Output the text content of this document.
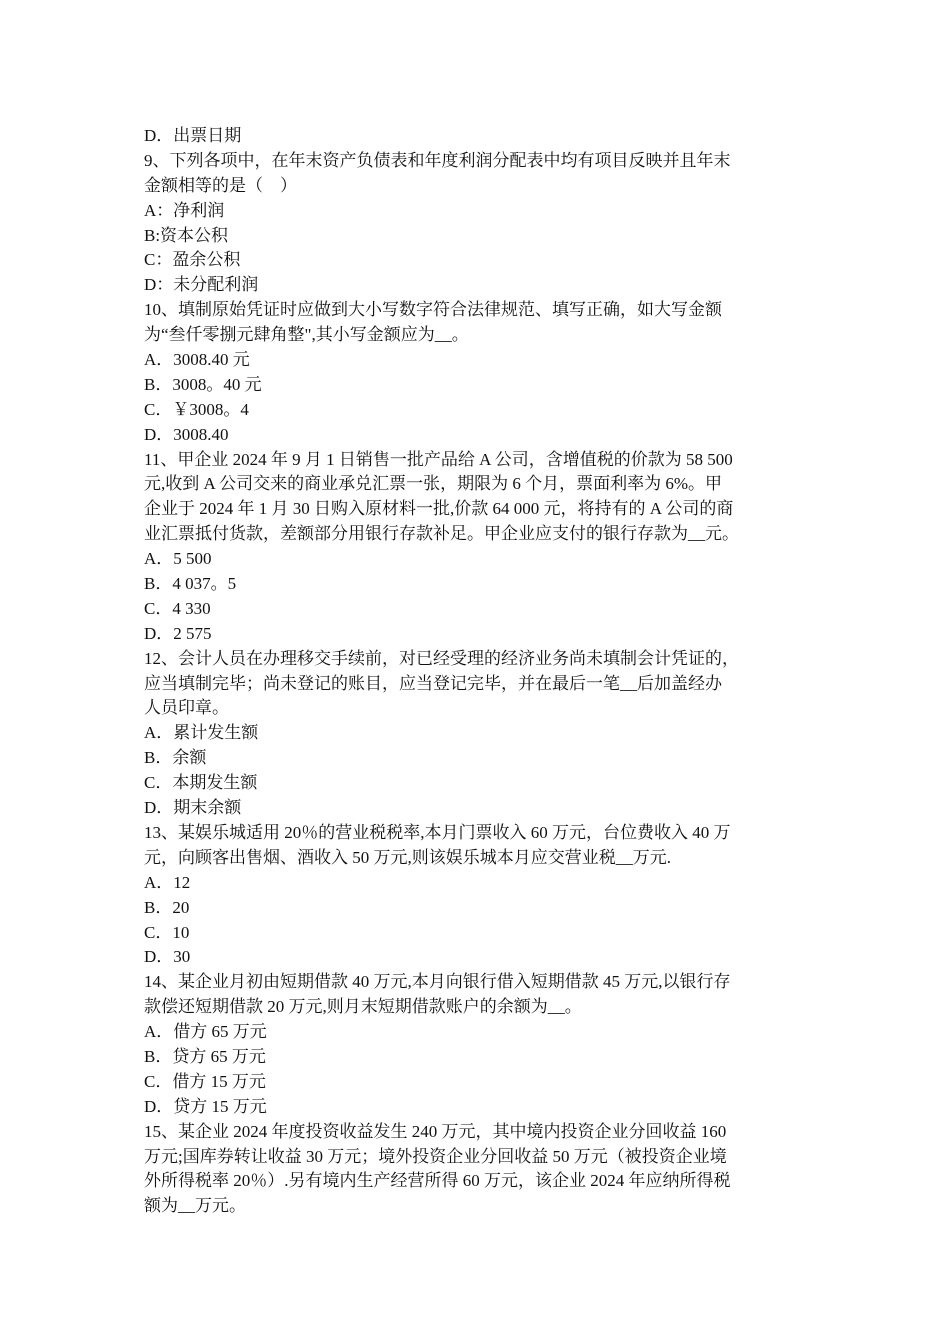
D．出票日期
9、下列各项中，在年末资产负债表和年度利润分配表中均有项目反映并且年末
金额相等的是（　）
A：净利润
B:资本公积
C：盈余公积
D：未分配利润
10、填制原始凭证时应做到大小写数字符合法律规范、填写正确，如大写金额
为“叁仟零捌元肆角整",其小写金额应为__。
A．3008.40 元
B．3008。40 元
C．￥3008。4
D．3008.40
11、甲企业 2024 年 9 月 1 日销售一批产品给 A 公司，含增值税的价款为 58 500
元,收到 A 公司交来的商业承兑汇票一张，期限为 6 个月，票面利率为 6%。甲
企业于 2024 年 1 月 30 日购入原材料一批,价款 64 000 元，将持有的 A 公司的商
业汇票抵付货款，差额部分用银行存款补足。甲企业应支付的银行存款为__元。
A．5 500
B．4 037。5
C．4 330
D．2 575
12、会计人员在办理移交手续前，对已经受理的经济业务尚未填制会计凭证的，
应当填制完毕；尚未登记的账目，应当登记完毕，并在最后一笔__后加盖经办
人员印章。
A．累计发生额
B．余额
C．本期发生额
D．期末余额
13、某娱乐城适用 20％的营业税税率,本月门票收入 60 万元，台位费收入 40 万
元，向顾客出售烟、酒收入 50 万元,则该娱乐城本月应交营业税__万元.
A．12
B．20
C．10
D．30
14、某企业月初由短期借款 40 万元,本月向银行借入短期借款 45 万元,以银行存
款偿还短期借款 20 万元,则月末短期借款账户的余额为__。
A．借方 65 万元
B．贷方 65 万元
C．借方 15 万元
D．贷方 15 万元
15、某企业 2024 年度投资收益发生 240 万元，其中境内投资企业分回收益 160
万元;国库券转让收益 30 万元；境外投资企业分回收益 50 万元（被投资企业境
外所得税率 20％）.另有境内生产经营所得 60 万元，该企业 2024 年应纳所得税
额为__万元。
